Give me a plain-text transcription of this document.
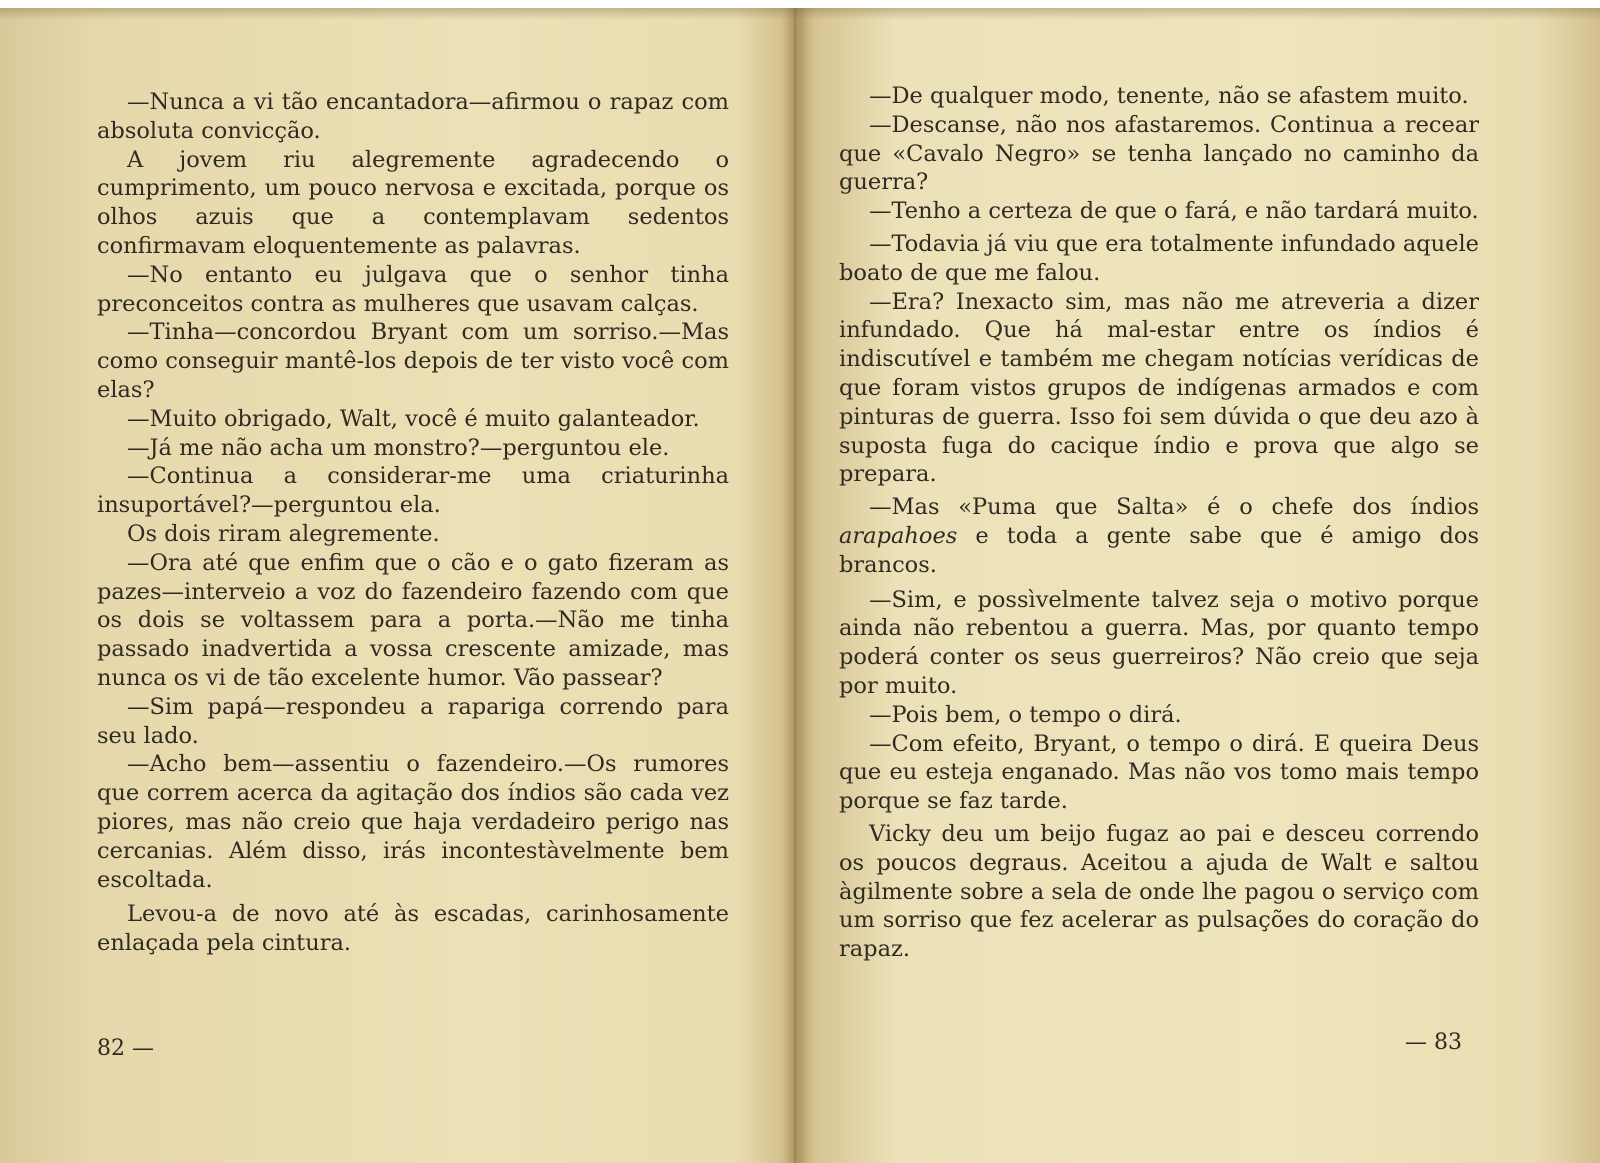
—Nunca a vi tão encantadora—afirmou o rapaz com absoluta convicção.

A jovem riu alegremente agradecendo o cumprimento, um pouco nervosa e excitada, porque os olhos azuis que a contemplavam sedentos confirmavam eloquentemente as palavras.

—No entanto eu julgava que o senhor tinha preconceitos contra as mulheres que usavam calças.

—Tinha—concordou Bryant com um sorriso.—Mas como conseguir mantê-los depois de ter visto você com elas?

—Muito obrigado, Walt, você é muito galanteador.

—Já me não acha um monstro?—perguntou ele.

—Continua a considerar-me uma criaturinha insuportável?—perguntou ela.

Os dois riram alegremente.

—Ora até que enfim que o cão e o gato fizeram as pazes—interveio a voz do fazendeiro fazendo com que os dois se voltassem para a porta.—Não me tinha passado inadvertida a vossa crescente amizade, mas nunca os vi de tão excelente humor. Vão passear?

—Sim papá—respondeu a rapariga correndo para seu lado.

—Acho bem—assentiu o fazendeiro.—Os rumores que correm acerca da agitação dos índios são cada vez piores, mas não creio que haja verdadeiro perigo nas cercanias. Além disso, irás incontestàvelmente bem escoltada.

Levou-a de novo até às escadas, carinhosamente enlaçada pela cintura.

82 —

—De qualquer modo, tenente, não se afastem muito.

—Descanse, não nos afastaremos. Continua a recear que «Cavalo Negro» se tenha lançado no caminho da guerra?

—Tenho a certeza de que o fará, e não tardará muito.

—Todavia já viu que era totalmente infundado aquele boato de que me falou.

—Era? Inexacto sim, mas não me atreveria a dizer infundado. Que há mal-estar entre os índios é indiscutível e também me chegam notícias verídicas de que foram vistos grupos de indígenas armados e com pinturas de guerra. Isso foi sem dúvida o que deu azo à suposta fuga do cacique índio e prova que algo se prepara.

—Mas «Puma que Salta» é o chefe dos índios arapahoes e toda a gente sabe que é amigo dos brancos.

—Sim, e possìvelmente talvez seja o motivo porque ainda não rebentou a guerra. Mas, por quanto tempo poderá conter os seus guerreiros? Não creio que seja por muito.

—Pois bem, o tempo o dirá.

—Com efeito, Bryant, o tempo o dirá. E queira Deus que eu esteja enganado. Mas não vos tomo mais tempo porque se faz tarde.

Vicky deu um beijo fugaz ao pai e desceu correndo os poucos degraus. Aceitou a ajuda de Walt e saltou àgilmente sobre a sela de onde lhe pagou o serviço com um sorriso que fez acelerar as pulsações do coração do rapaz.

— 83
